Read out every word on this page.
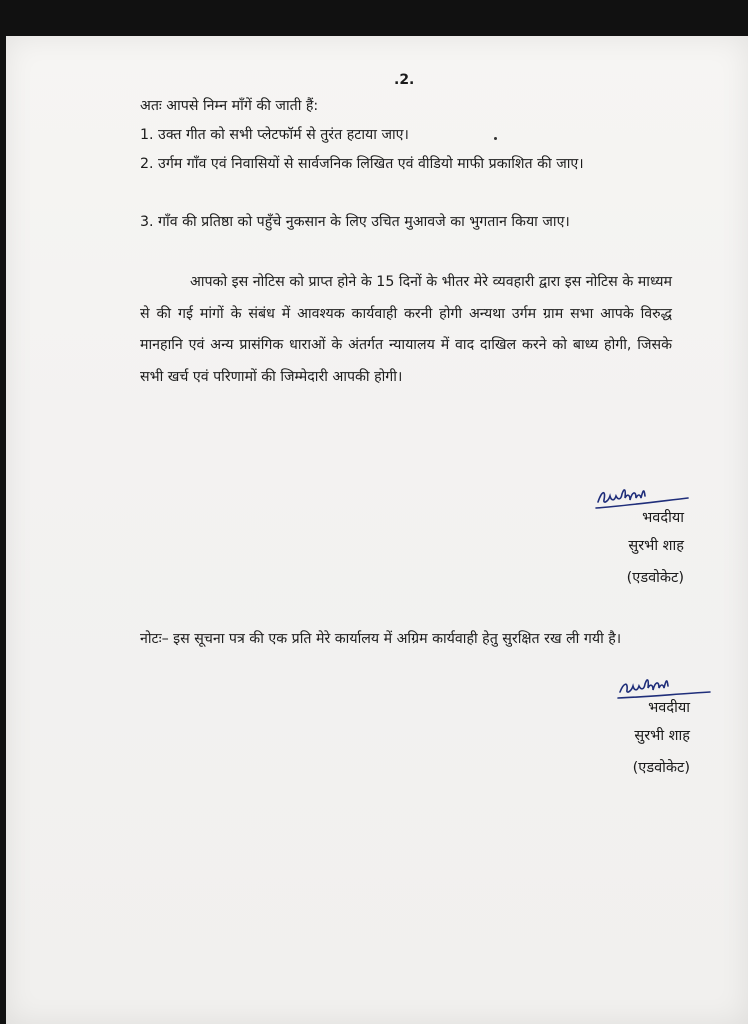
.2.

अतः आपसे निम्न माँगें की जाती हैं:

1. उक्त गीत को सभी प्लेटफॉर्म से तुरंत हटाया जाए।

2. उर्गम गाँव एवं निवासियों से सार्वजनिक लिखित एवं वीडियो माफी प्रकाशित की जाए।

3. गाँव की प्रतिष्ठा को पहुँचे नुकसान के लिए उचित मुआवजे का भुगतान किया जाए।

आपको इस नोटिस को प्राप्त होने के 15 दिनों के भीतर मेरे व्यवहारी द्वारा इस नोटिस के माध्यम से की गई मांगों के संबंध में आवश्यक कार्यवाही करनी होगी अन्यथा उर्गम ग्राम सभा आपके विरुद्ध मानहानि एवं अन्य प्रासंगिक धाराओं के अंतर्गत न्यायालय में वाद दाखिल करने को बाध्य होगी, जिसके सभी खर्च एवं परिणामों की जिम्मेदारी आपकी होगी।

भवदीया
सुरभी शाह
(एडवोकेट)

नोटः– इस सूचना पत्र की एक प्रति मेरे कार्यालय में अग्रिम कार्यवाही हेतु सुरक्षित रख ली गयी है।

भवदीया
सुरभी शाह
(एडवोकेट)
